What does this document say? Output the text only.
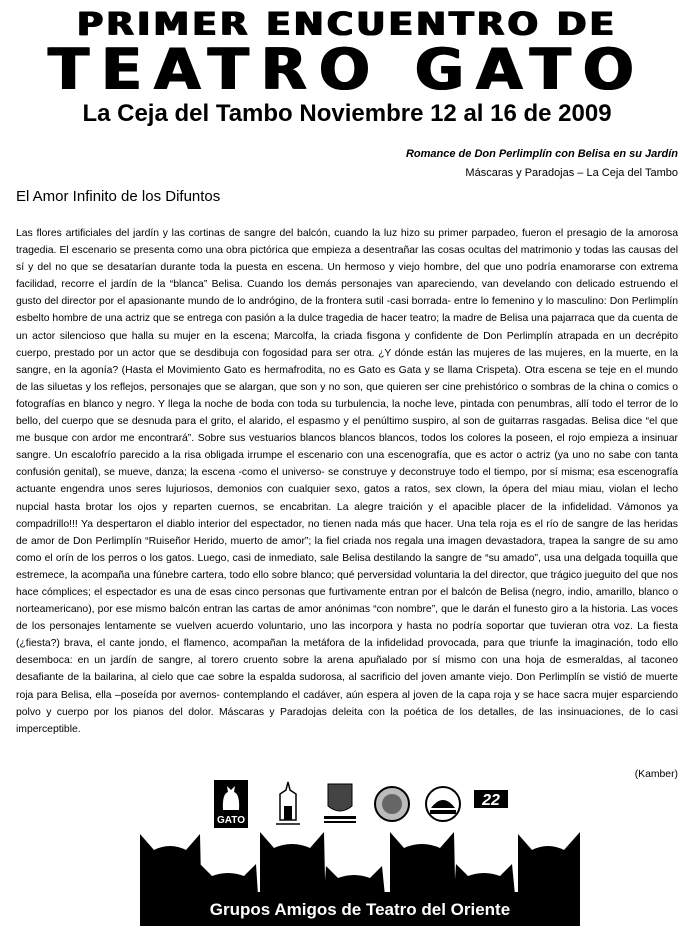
PRIMER ENCUENTRO DE
TEATRO GATO
La Ceja del Tambo Noviembre 12 al 16 de 2009
Romance de Don Perlimplín con Belisa en su Jardín
Máscaras y Paradojas – La Ceja del Tambo
El Amor Infinito de los Difuntos
Las flores artificiales del jardín y las cortinas de sangre del balcón, cuando la luz hizo su primer parpadeo, fueron el presagio de la amorosa tragedia. El escenario se presenta como una obra pictórica que empieza a desentrañar las cosas ocultas del matrimonio y todas las causas del sí y del no que se desatarían durante toda la puesta en escena. Un hermoso y viejo hombre, del que uno podría enamorarse con extrema facilidad, recorre el jardín de la “blanca” Belisa. Cuando los demás personajes van apareciendo, van develando con delicado estruendo el gusto del director por el apasionante mundo de lo andrógino, de la frontera sutil -casi borrada- entre lo femenino y lo masculino: Don Perlimplín esbelto hombre de una actriz que se entrega con pasión a la dulce tragedia de hacer teatro; la madre de Belisa una pajarraca que da cuenta de un actor silencioso que halla su mujer en la escena; Marcolfa, la criada fisgona y confidente de Don Perlimplín atrapada en un decrépito cuerpo, prestado por un actor que se desdibuja con fogosidad para ser otra. ¿Y dónde están las mujeres de las mujeres, en la muerte, en la sangre, en la agonía? (Hasta el Movimiento Gato es hermafrodita, no es Gato es Gata y se llama Crispeta). Otra escena se teje en el mundo de las siluetas y los reflejos, personajes que se alargan, que son y no son, que quieren ser cine prehistórico o sombras de la china o comics o fotografías en blanco y negro. Y llega la noche de boda con toda su turbulencia, la noche leve, pintada con penumbras, allí todo el terror de lo bello, del cuerpo que se desnuda para el grito, el alarido, el espasmo y el penúltimo suspiro, al son de guitarras rasgadas. Belisa dice “el que me busque con ardor me encontrará”. Sobre sus vestuarios blancos blancos blancos, todos los colores la poseen, el rojo empieza a insinuar sangre. Un escalofrío parecido a la risa obligada irrumpe el escenario con una escenografía, que es actor o actriz (ya uno no sabe con tanta confusión genital), se mueve, danza; la escena -como el universo- se construye y deconstruye todo el tiempo, por sí misma; esa escenografía actuante engendra unos seres lujuriosos, demonios con cualquier sexo, gatos a ratos, sex clown, la ópera del miau miau, violan el lecho nupcial hasta brotar los ojos y reparten cuernos, se encabritan. La alegre traición y el apacible placer de la infidelidad. Vámonos ya compadrillo!!! Ya despertaron el diablo interior del espectador, no tienen nada más que hacer. Una tela roja es el río de sangre de las heridas de amor de Don Perlimplín “Ruiseñor Herido, muerto de amor”; la fiel criada nos regala una imagen devastadora, trapea la sangre de su amo como el orín de los perros o los gatos. Luego, casi de inmediato, sale Belisa destilando la sangre de “su amado”, usa una delgada toquilla que estremece, la acompaña una fúnebre cartera, todo ello sobre blanco; qué perversidad voluntaria la del director, que trágico jueguito del que nos hace cómplices; el espectador es una de esas cinco personas que furtivamente entran por el balcón de Belisa (negro, indio, amarillo, blanco o norteamericano), por ese mismo balcón entran las cartas de amor anónimas “con nombre”, que le darán el funesto giro a la historia. Las voces de los personajes lentamente se vuelven acuerdo voluntario, uno las incorpora y hasta no podría soportar que tuvieran otra voz. La fiesta (¿fiesta?) brava, el cante jondo, el flamenco, acompañan la metáfora de la infidelidad provocada, para que triunfe la imaginación, todo ello desemboca: en un jardín de sangre, al torero cruento sobre la arena apuñalado por sí mismo con una hoja de esmeraldas, al taconeo desafiante de la bailarina, al cielo que cae sobre la espalda sudorosa, al sacrificio del joven amante viejo. Don Perlimplín se vistió de muerte roja para Belisa, ella –poseída por avernos- contemplando el cadáver, aún espera al joven de la capa roja y se hace sacra mujer esparciendo polvo y cuerpo por los pianos del dolor. Máscaras y Paradojas deleita con la poética de los detalles, de las insinuaciones, de lo casi imperceptible.
(Kamber)
GATO
22
Grupos Amigos de Teatro del Oriente
